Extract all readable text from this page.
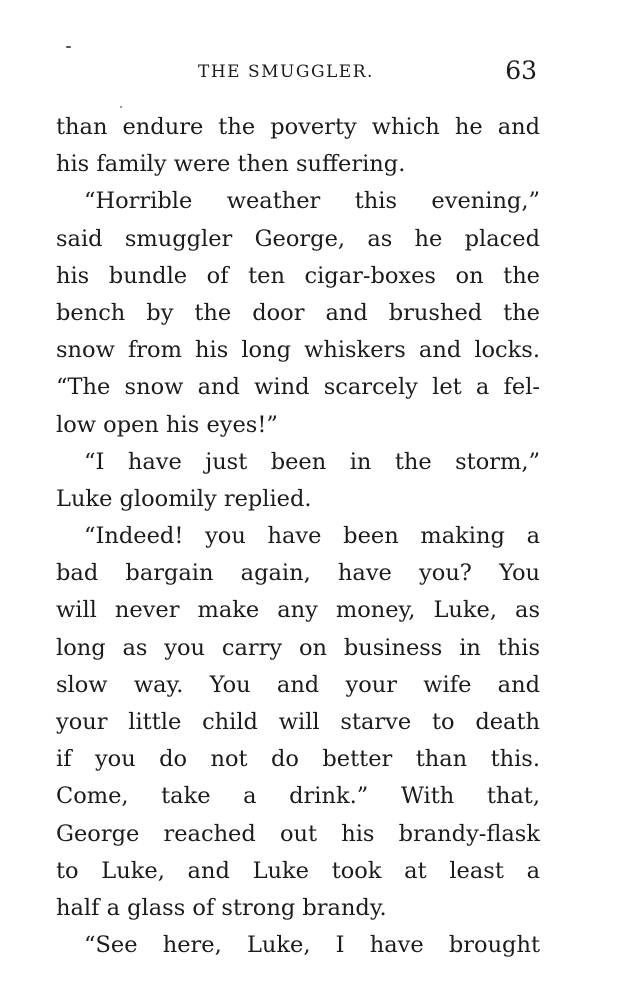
THE SMUGGLER.	63
than endure the poverty which he and
his family were then suffering.
“Horrible weather this evening,”
said smuggler George, as he placed
his bundle of ten cigar-boxes on the
bench by the door and brushed the
snow from his long whiskers and locks.
“The snow and wind scarcely let a fel-
low open his eyes!”
“I have just been in the storm,”
Luke gloomily replied.
“Indeed! you have been making a
bad bargain again, have you? You
will never make any money, Luke, as
long as you carry on business in this
slow way. You and your wife and
your little child will starve to death
if you do not do better than this.
Come, take a drink.” With that,
George reached out his brandy-flask
to Luke, and Luke took at least a
half a glass of strong brandy.
“See here, Luke, I have brought
